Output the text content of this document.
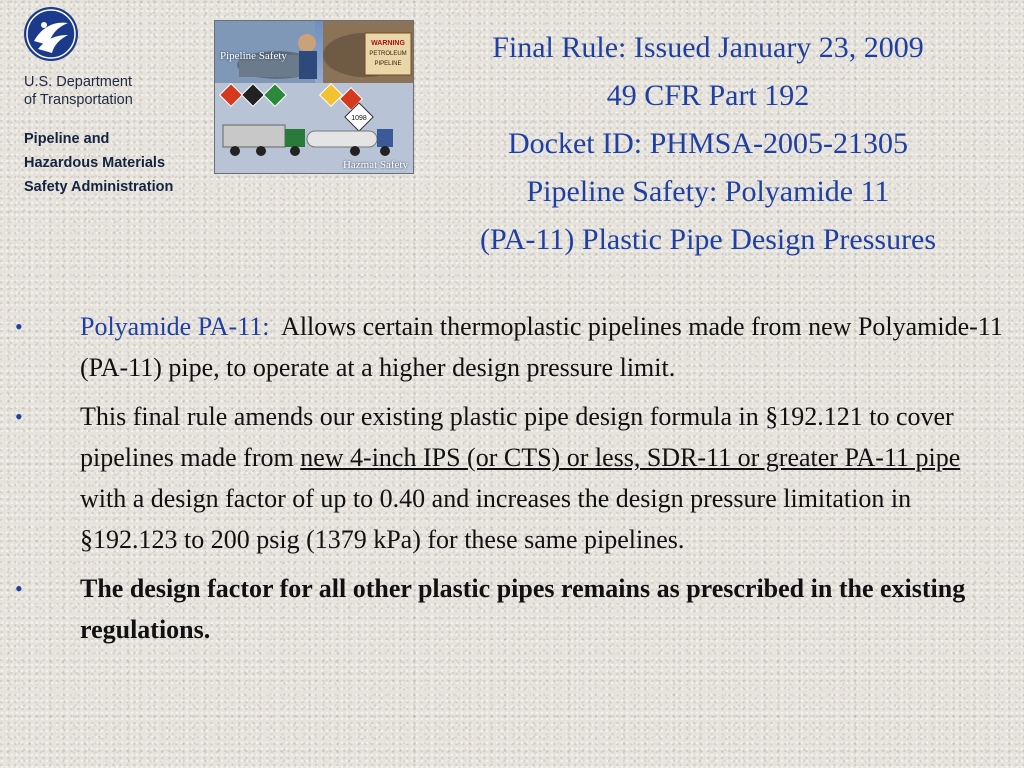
U.S. Department
of Transportation
Pipeline and
Hazardous Materials
Safety Administration
WARNING
PETROLEUM
PIPELINE
1098
Pipeline Safety
Hazmat Safety
Final Rule: Issued January 23, 2009
49 CFR Part 192
Docket ID: PHMSA-2005-21305
Pipeline Safety: Polyamide 11
(PA-11) Plastic Pipe Design Pressures
• Polyamide PA-11:  Allows certain thermoplastic pipelines made from new Polyamide-11 (PA-11) pipe, to operate at a higher design pressure limit.
• This final rule amends our existing plastic pipe design formula in §192.121 to cover pipelines made from new 4-inch IPS (or CTS) or less, SDR-11 or greater PA-11 pipe with a design factor of up to 0.40 and increases the design pressure limitation in §192.123 to 200 psig (1379 kPa) for these same pipelines.
• The design factor for all other plastic pipes remains as prescribed in the existing regulations.
